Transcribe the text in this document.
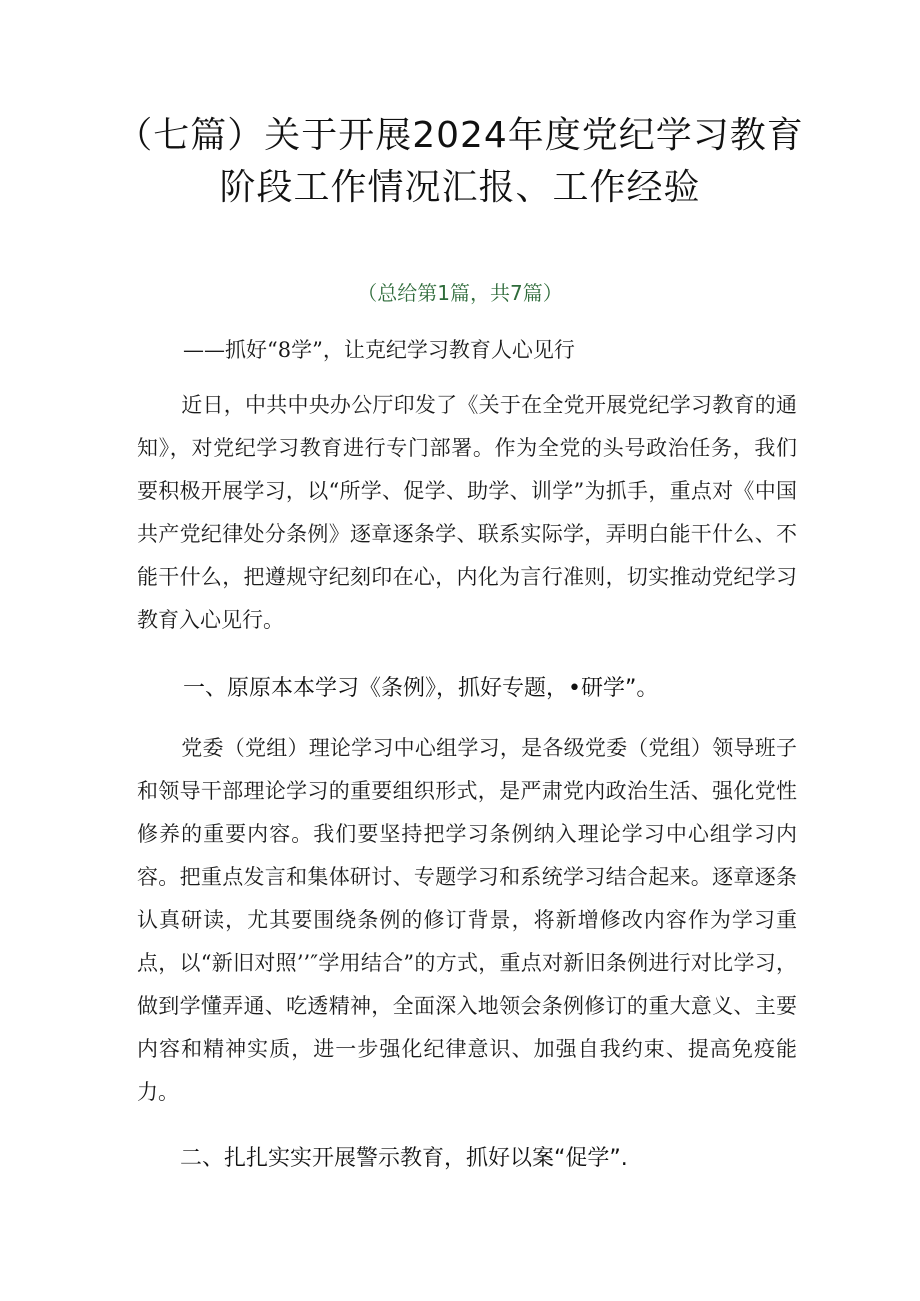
（七篇）关于开展2024年度党纪学习教育
阶段工作情况汇报、工作经验
（总给第1篇，共7篇）
——抓好“8学”，让克纪学习教育人心见行
近日，中共中央办公厅印发了《关于在全党开展党纪学习教育的通知》，对党纪学习教育进行专门部署。作为全党的头号政治任务，我们要积极开展学习，以“所学、促学、助学、训学”为抓手，重点对《中国共产党纪律处分条例》逐章逐条学、联系实际学，弄明白能干什么、不能干什么，把遵规守纪刻印在心，内化为言行准则，切实推动党纪学习教育入心见行。
一、原原本本学习《条例》，抓好专题，•研学”。
党委（党组）理论学习中心组学习，是各级党委（党组）领导班子和领导干部理论学习的重要组织形式，是严肃党内政治生活、强化党性修养的重要内容。我们要坚持把学习条例纳入理论学习中心组学习内容。把重点发言和集体研讨、专题学习和系统学习结合起来。逐章逐条认真研读，尤其要围绕条例的修订背景，将新增修改内容作为学习重点，以“新旧对照’’″学用结合”的方式，重点对新旧条例进行对比学习，做到学懂弄通、吃透精神，全面深入地领会条例修订的重大意义、主要内容和精神实质，进一步强化纪律意识、加强自我约束、提高免疫能力。
二、扎扎实实开展警示教育，抓好以案“促学”.
